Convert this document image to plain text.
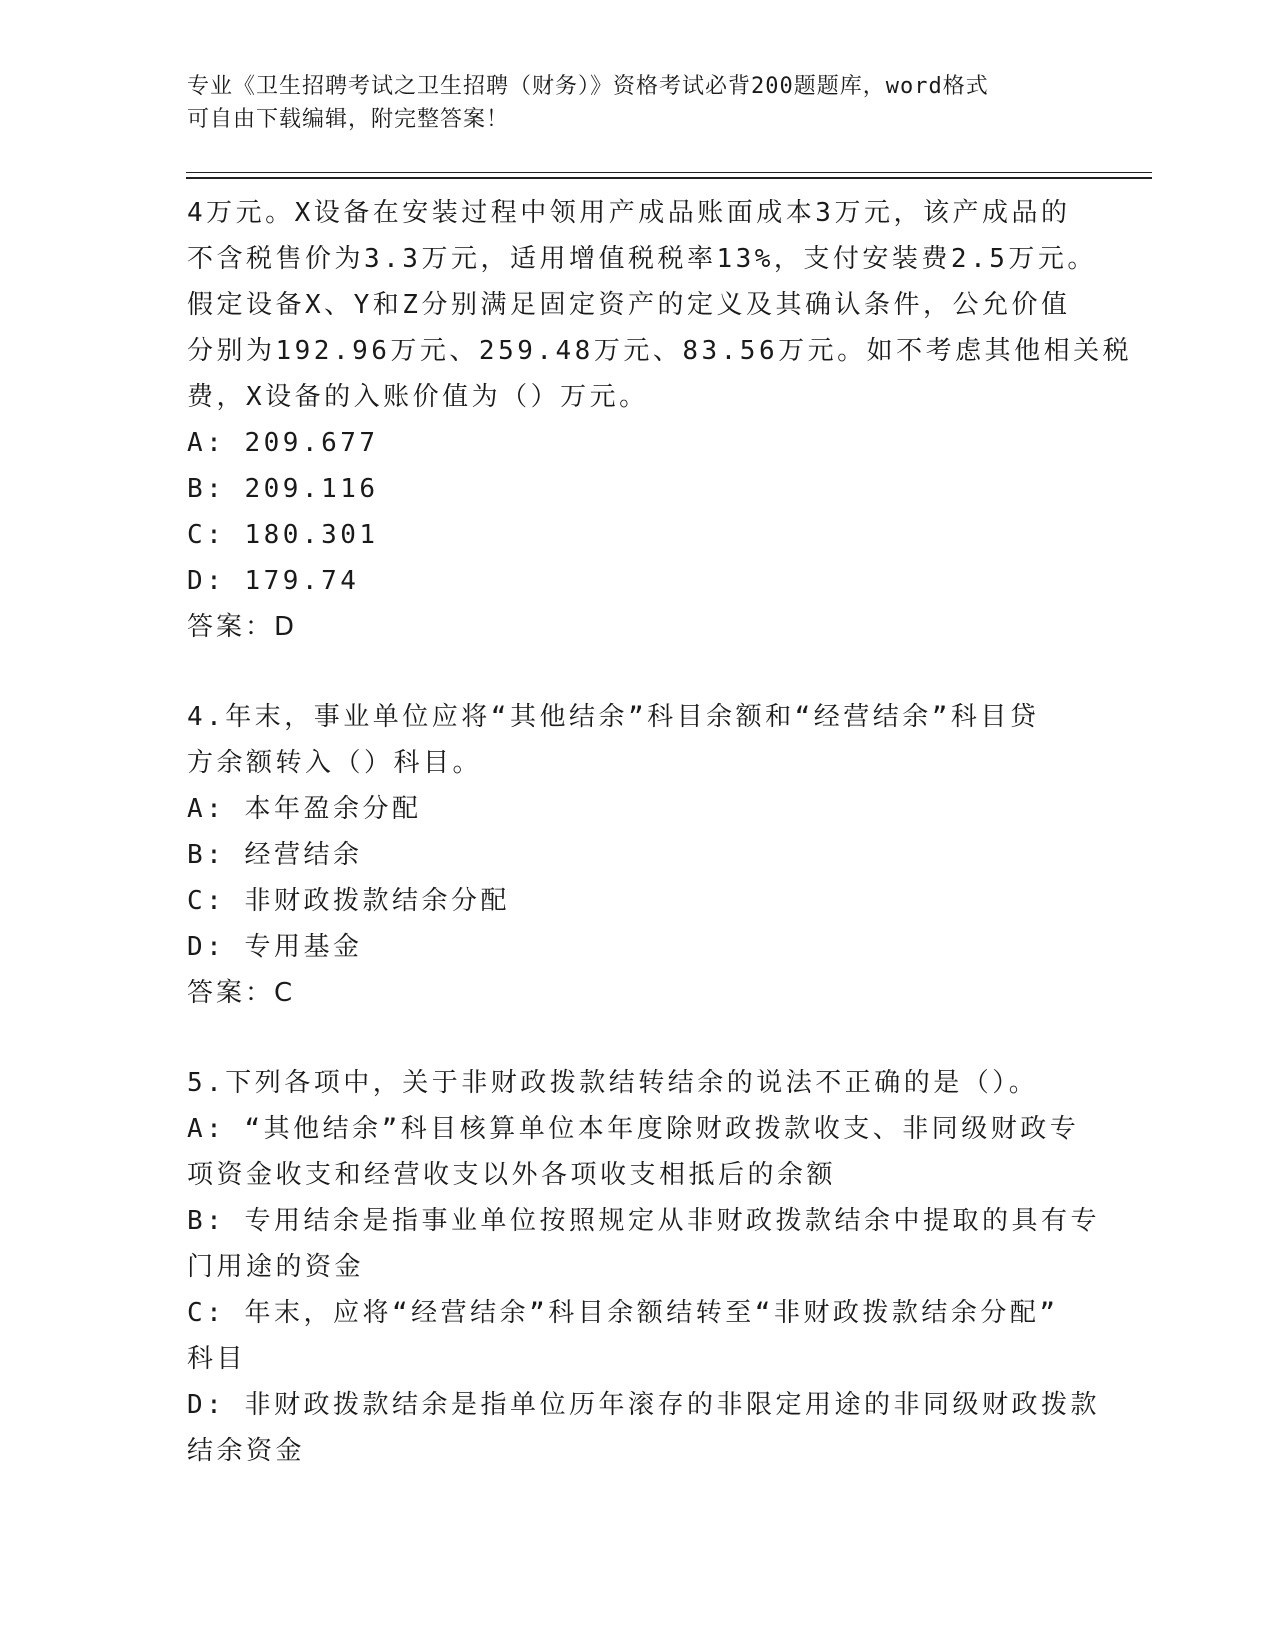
专业《卫生招聘考试之卫生招聘（财务）》资格考试必背200题题库，word格式
可自由下载编辑，附完整答案！
4万元。X设备在安装过程中领用产成品账面成本3万元，该产成品的
不含税售价为3.3万元，适用增值税税率13%，支付安装费2.5万元。
假定设备X、Y和Z分别满足固定资产的定义及其确认条件，公允价值
分别为192.96万元、259.48万元、83.56万元。如不考虑其他相关税
费，X设备的入账价值为（）万元。
A: 209.677
B: 209.116
C: 180.301
D: 179.74
答案：D
4.年末，事业单位应将“其他结余”科目余额和“经营结余”科目贷
方余额转入（）科目。
A: 本年盈余分配
B: 经营结余
C: 非财政拨款结余分配
D: 专用基金
答案：C
5.下列各项中，关于非财政拨款结转结余的说法不正确的是（）。
A: “其他结余”科目核算单位本年度除财政拨款收支、非同级财政专
项资金收支和经营收支以外各项收支相抵后的余额
B: 专用结余是指事业单位按照规定从非财政拨款结余中提取的具有专
门用途的资金
C: 年末，应将“经营结余”科目余额结转至“非财政拨款结余分配”
科目
D: 非财政拨款结余是指单位历年滚存的非限定用途的非同级财政拨款
结余资金
